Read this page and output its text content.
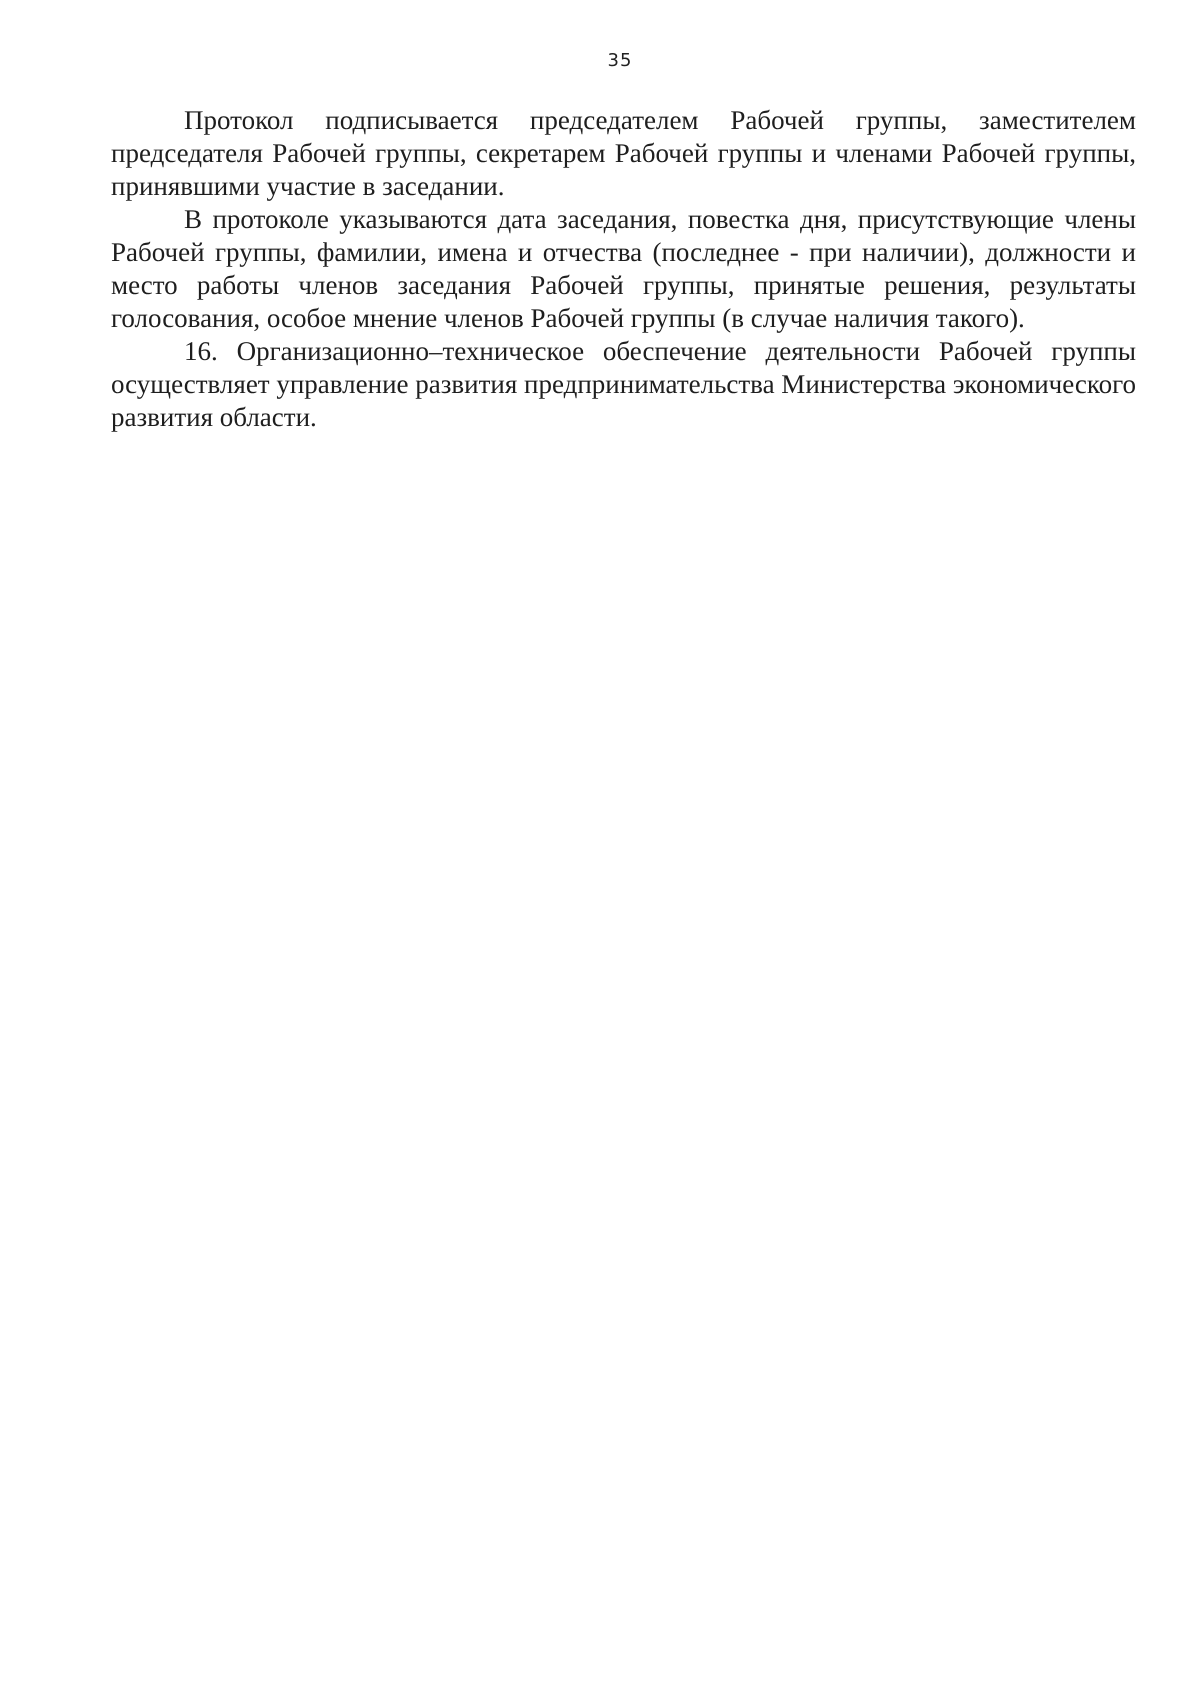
35

Протокол подписывается председателем Рабочей группы, заместителем председателя Рабочей группы, секретарем Рабочей группы и членами Рабочей группы, принявшими участие в заседании.

В протоколе указываются дата заседания, повестка дня, присутствующие члены Рабочей группы, фамилии, имена и отчества (последнее - при наличии), должности и место работы членов заседания Рабочей группы, принятые решения, результаты голосования, особое мнение членов Рабочей группы (в случае наличия такого).

16. Организационно–техническое обеспечение деятельности Рабочей группы осуществляет управление развития предпринимательства Министерства экономического развития области.
